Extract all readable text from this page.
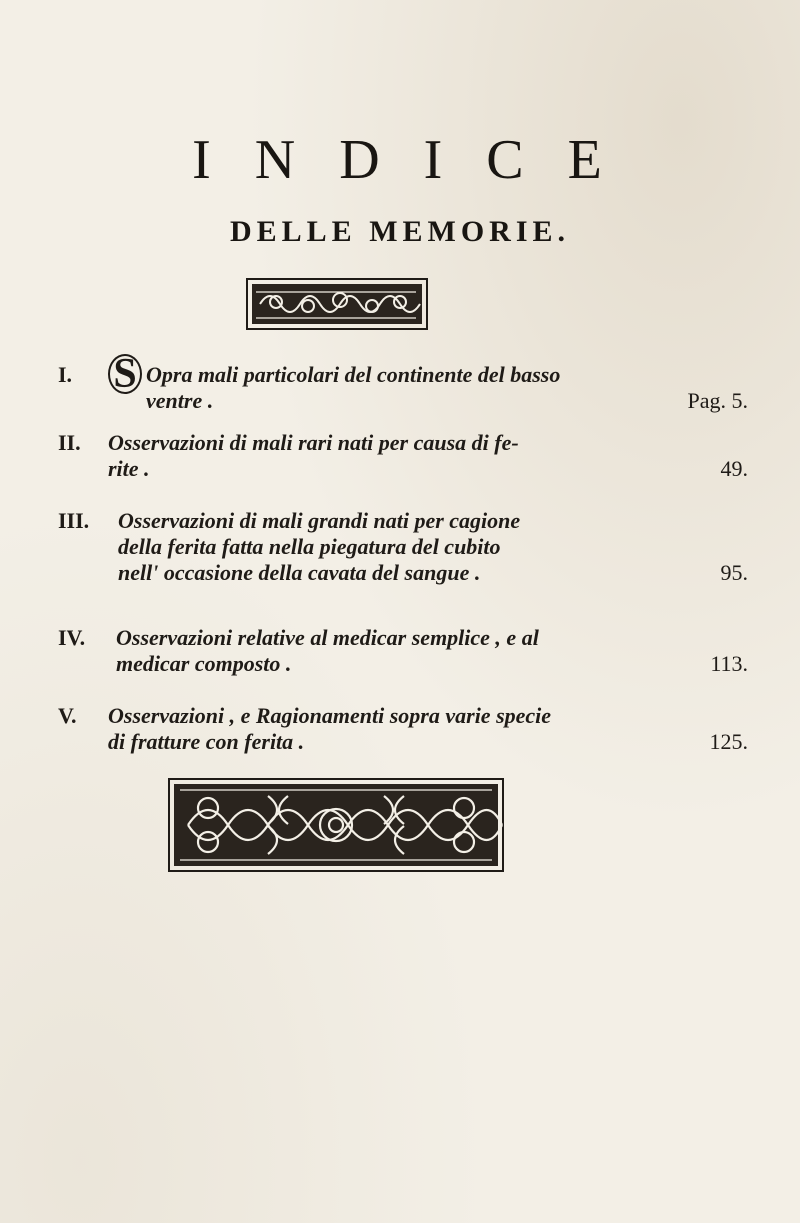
INDICE
DELLE MEMORIE.
I. S Opra mali particolari del continente del basso
ventre .	Pag. 5.
II.	Osservazioni di mali rari nati per causa di fe-
rite .	49.
III.	Osservazioni di mali grandi nati per cagione
della ferita fatta nella piegatura del cubito
nell' occasione della cavata del sangue .	95.
IV.	Osservazioni relative al medicar semplice , e al
medicar composto .	113.
V.	Osservazioni , e Ragionamenti sopra varie specie
di fratture con ferita .	125.
